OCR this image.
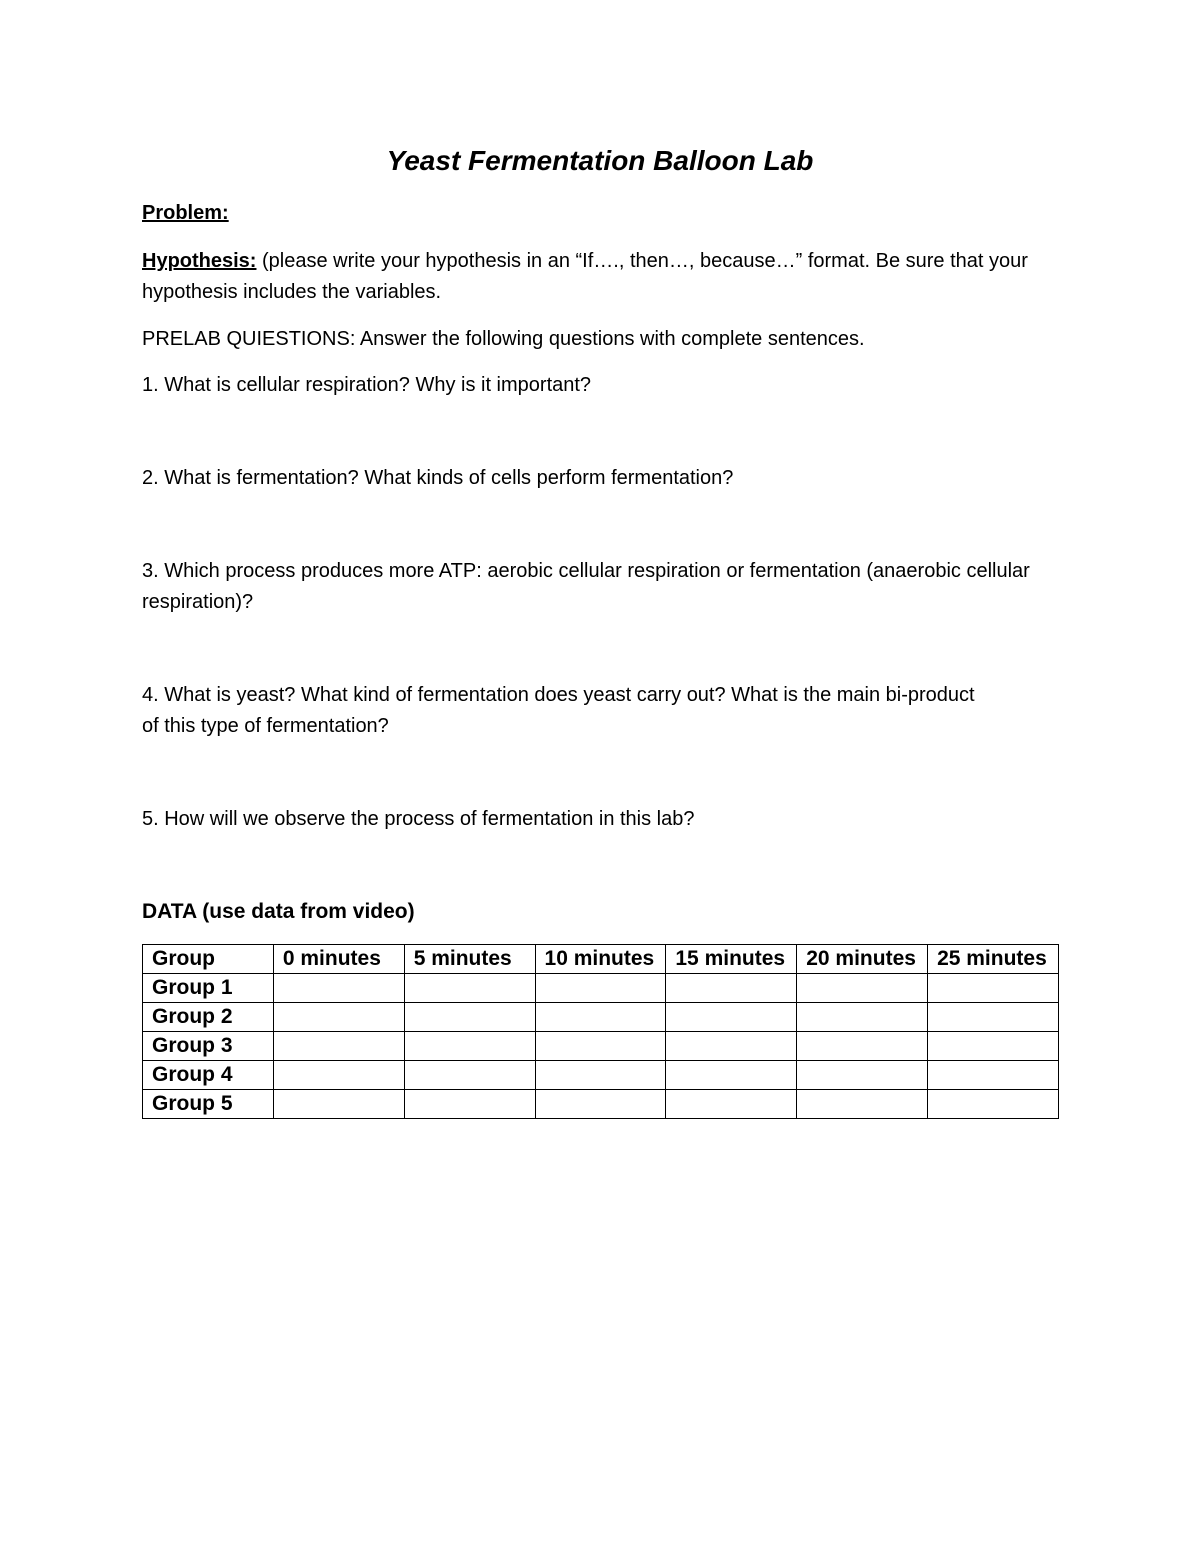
Yeast Fermentation Balloon Lab

Problem:

Hypothesis: (please write your hypothesis in an “If…., then…, because…” format. Be sure that your hypothesis includes the variables.

PRELAB QUIESTIONS: Answer the following questions with complete sentences.

1. What is cellular respiration? Why is it important?

2. What is fermentation? What kinds of cells perform fermentation?

3. Which process produces more ATP: aerobic cellular respiration or fermentation (anaerobic cellular respiration)?

4. What is yeast? What kind of fermentation does yeast carry out? What is the main bi-product of this type of fermentation?

5. How will we observe the process of fermentation in this lab?

DATA (use data from video)

Group	0 minutes	5 minutes	10 minutes	15 minutes	20 minutes	25 minutes
Group 1						
Group 2						
Group 3						
Group 4						
Group 5						
